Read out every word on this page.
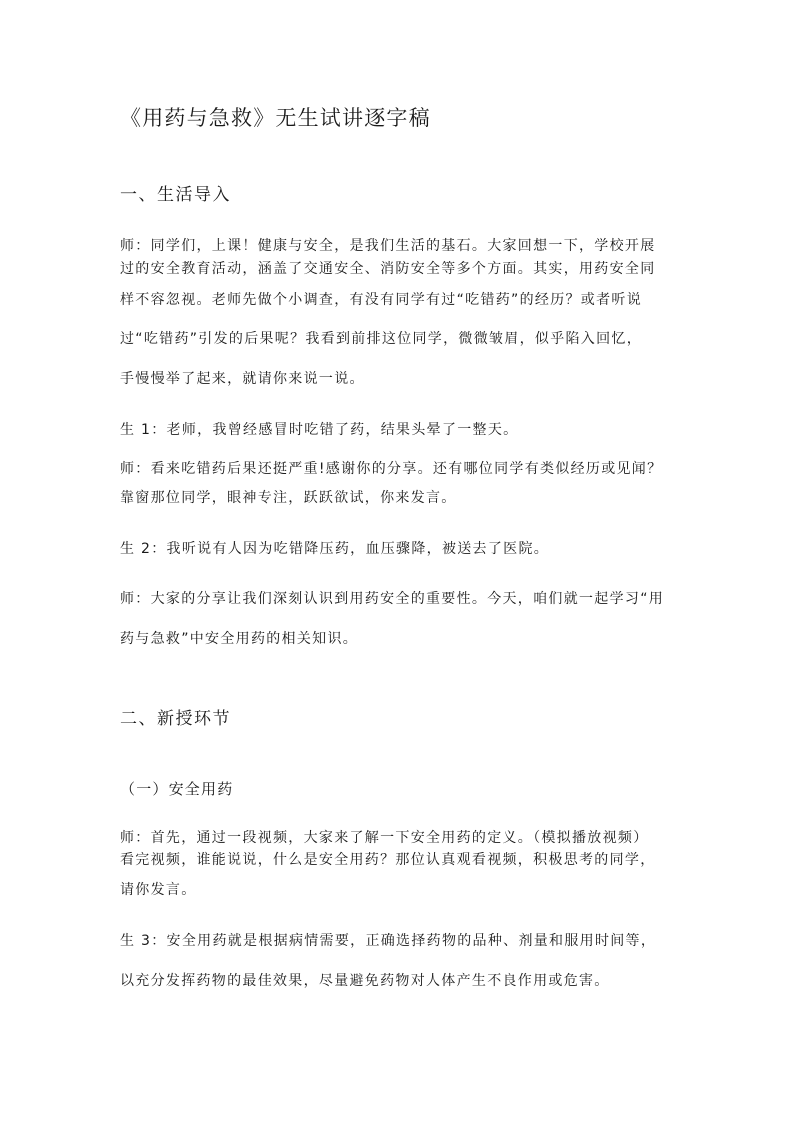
《用药与急救》无生试讲逐字稿
一、生活导入
师：同学们，上课！健康与安全，是我们生活的基石。大家回想一下，学校开展
过的安全教育活动，涵盖了交通安全、消防安全等多个方面。其实，用药安全同
样不容忽视。老师先做个小调查，有没有同学有过“吃错药”的经历？或者听说
过“吃错药”引发的后果呢？我看到前排这位同学，微微皱眉，似乎陷入回忆，
手慢慢举了起来，就请你来说一说。
生 1：老师，我曾经感冒时吃错了药，结果头晕了一整天。
师：看来吃错药后果还挺严重!感谢你的分享。还有哪位同学有类似经历或见闻？
靠窗那位同学，眼神专注，跃跃欲试，你来发言。
生 2：我听说有人因为吃错降压药，血压骤降，被送去了医院。
师：大家的分享让我们深刻认识到用药安全的重要性。今天，咱们就一起学习“用
药与急救”中安全用药的相关知识。
二、新授环节
（一）安全用药
师：首先，通过一段视频，大家来了解一下安全用药的定义。（模拟播放视频）
看完视频，谁能说说，什么是安全用药？那位认真观看视频，积极思考的同学，
请你发言。
生 3：安全用药就是根据病情需要，正确选择药物的品种、剂量和服用时间等，
以充分发挥药物的最佳效果，尽量避免药物对人体产生不良作用或危害。
